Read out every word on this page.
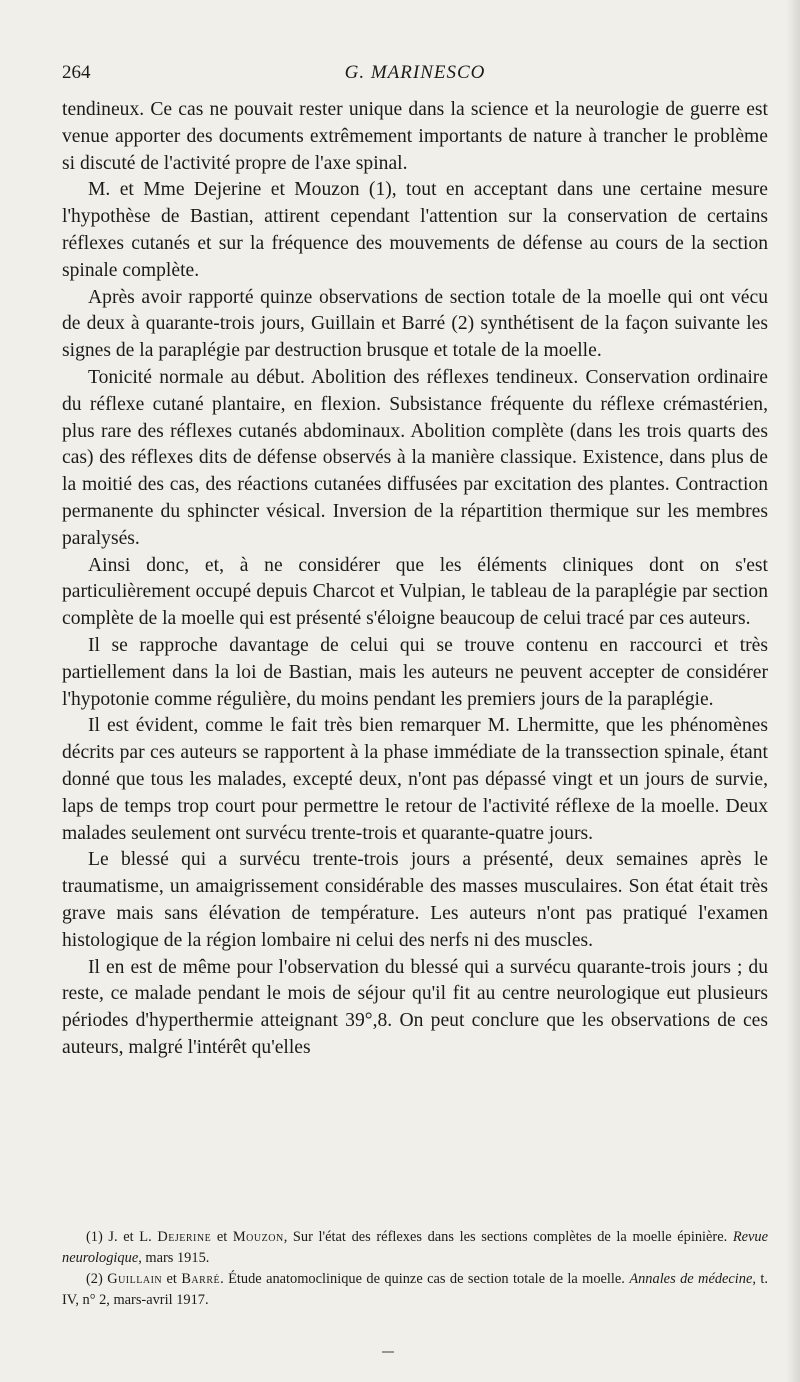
264	G. MARINESCO

tendineux. Ce cas ne pouvait rester unique dans la science et la neurologie de guerre est venue apporter des documents extrêmement importants de nature à trancher le problème si discuté de l'activité propre de l'axe spinal.

M. et Mme Dejerine et Mouzon (1), tout en acceptant dans une certaine mesure l'hypothèse de Bastian, attirent cependant l'attention sur la conservation de certains réflexes cutanés et sur la fréquence des mouvements de défense au cours de la section spinale complète.

Après avoir rapporté quinze observations de section totale de la moelle qui ont vécu de deux à quarante-trois jours, Guillain et Barré (2) synthétisent de la façon suivante les signes de la paraplégie par destruction brusque et totale de la moelle.

Tonicité normale au début. Abolition des réflexes tendineux. Conservation ordinaire du réflexe cutané plantaire, en flexion. Subsistance fréquente du réflexe crémastérien, plus rare des réflexes cutanés abdominaux. Abolition complète (dans les trois quarts des cas) des réflexes dits de défense observés à la manière classique. Existence, dans plus de la moitié des cas, des réactions cutanées diffusées par excitation des plantes. Contraction permanente du sphincter vésical. Inversion de la répartition thermique sur les membres paralysés.

Ainsi donc, et, à ne considérer que les éléments cliniques dont on s'est particulièrement occupé depuis Charcot et Vulpian, le tableau de la paraplégie par section complète de la moelle qui est présenté s'éloigne beaucoup de celui tracé par ces auteurs.

Il se rapproche davantage de celui qui se trouve contenu en raccourci et très partiellement dans la loi de Bastian, mais les auteurs ne peuvent accepter de considérer l'hypotonie comme régulière, du moins pendant les premiers jours de la paraplégie.

Il est évident, comme le fait très bien remarquer M. Lhermitte, que les phénomènes décrits par ces auteurs se rapportent à la phase immédiate de la transsection spinale, étant donné que tous les malades, excepté deux, n'ont pas dépassé vingt et un jours de survie, laps de temps trop court pour permettre le retour de l'activité réflexe de la moelle. Deux malades seulement ont survécu trente-trois et quarante-quatre jours.

Le blessé qui a survécu trente-trois jours a présenté, deux semaines après le traumatisme, un amaigrissement considérable des masses musculaires. Son état était très grave mais sans élévation de température. Les auteurs n'ont pas pratiqué l'examen histologique de la région lombaire ni celui des nerfs ni des muscles.

Il en est de même pour l'observation du blessé qui a survécu quarante-trois jours ; du reste, ce malade pendant le mois de séjour qu'il fit au centre neurologique eut plusieurs périodes d'hyperthermie atteignant 39°,8. On peut conclure que les observations de ces auteurs, malgré l'intérêt qu'elles

(1) J. et L. Dejerine et Mouzon, Sur l'état des réflexes dans les sections complètes de la moelle épinière. Revue neurologique, mars 1915.

(2) Guillain et Barré. Étude anatomoclinique de quinze cas de section totale de la moelle. Annales de médecine, t. IV, n° 2, mars-avril 1917.
